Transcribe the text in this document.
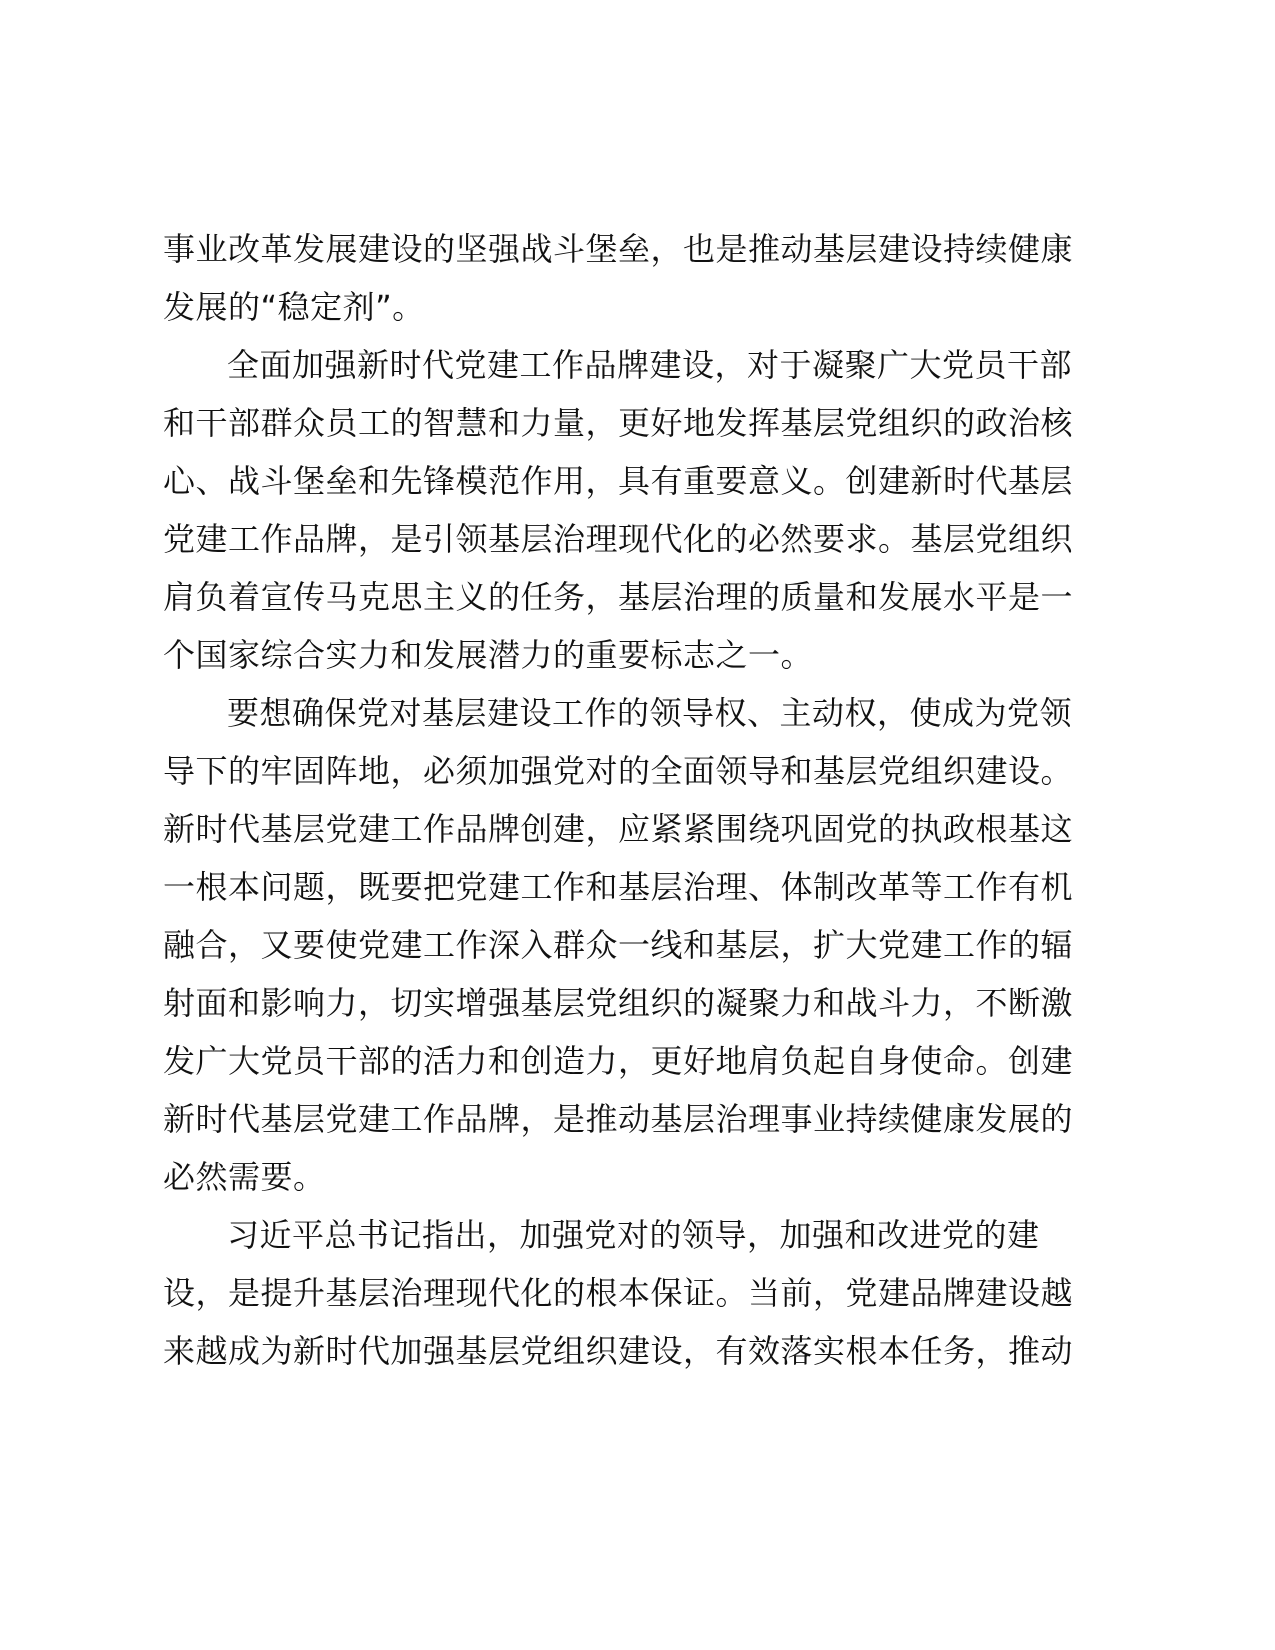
事业改革发展建设的坚强战斗堡垒，也是推动基层建设持续健康
发展的“稳定剂”。
全面加强新时代党建工作品牌建设，对于凝聚广大党员干部
和干部群众员工的智慧和力量，更好地发挥基层党组织的政治核
心、战斗堡垒和先锋模范作用，具有重要意义。创建新时代基层
党建工作品牌，是引领基层治理现代化的必然要求。基层党组织
肩负着宣传马克思主义的任务，基层治理的质量和发展水平是一
个国家综合实力和发展潜力的重要标志之一。
要想确保党对基层建设工作的领导权、主动权，使成为党领
导下的牢固阵地，必须加强党对的全面领导和基层党组织建设。
新时代基层党建工作品牌创建，应紧紧围绕巩固党的执政根基这
一根本问题，既要把党建工作和基层治理、体制改革等工作有机
融合，又要使党建工作深入群众一线和基层，扩大党建工作的辐
射面和影响力，切实增强基层党组织的凝聚力和战斗力，不断激
发广大党员干部的活力和创造力，更好地肩负起自身使命。创建
新时代基层党建工作品牌，是推动基层治理事业持续健康发展的
必然需要。
习近平总书记指出，加强党对的领导，加强和改进党的建
设，是提升基层治理现代化的根本保证。当前，党建品牌建设越
来越成为新时代加强基层党组织建设，有效落实根本任务，推动
